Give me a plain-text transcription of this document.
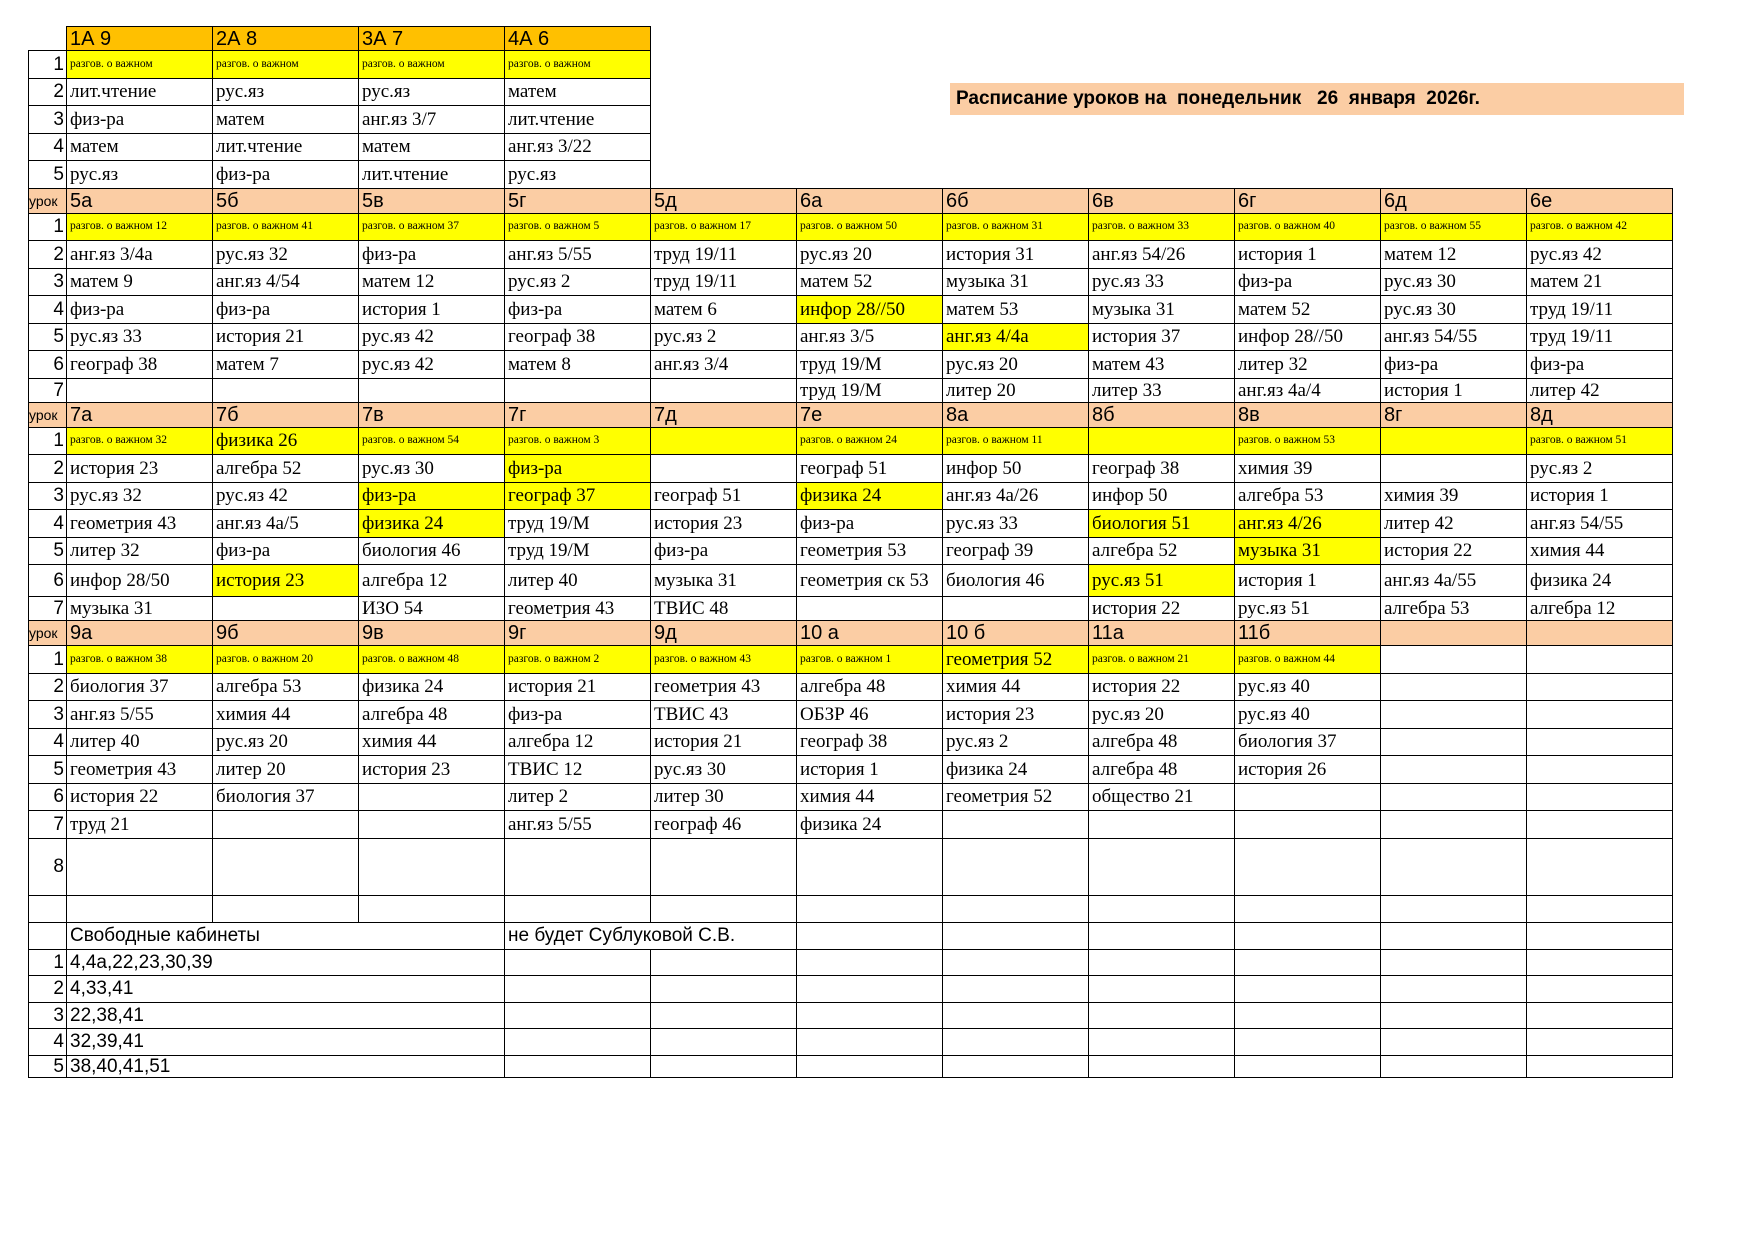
Расписание уроков на  понедельник   26  января  2026г.
	1А 9	2А 8	3А 7	4А 6							
1	разгов. о важном	разгов. о важном	разгов. о важном	разгов. о важном							
2	лит.чтение	рус.яз	рус.яз	матем							
3	физ-ра	матем	анг.яз 3/7	лит.чтение							
4	матем	лит.чтение	матем	анг.яз 3/22							
5	рус.яз	физ-ра	лит.чтение	рус.яз							
урок	5а	5б	5в	5г	5д	6а	6б	6в	6г	6д	6е
1	разгов. о важном 12	разгов. о важном 41	разгов. о важном 37	разгов. о важном 5	разгов. о важном 17	разгов. о важном 50	разгов. о важном 31	разгов. о важном 33	разгов. о важном 40	разгов. о важном 55	разгов. о важном 42
2	анг.яз 3/4а	рус.яз 32	физ-ра	анг.яз 5/55	труд 19/11	рус.яз 20	история 31	анг.яз 54/26	история 1	матем 12	рус.яз 42
3	матем 9	анг.яз 4/54	матем 12	рус.яз 2	труд 19/11	матем 52	музыка 31	рус.яз 33	физ-ра	рус.яз 30	матем 21
4	физ-ра	физ-ра	история 1	физ-ра	матем 6	инфор 28//50	матем 53	музыка 31	матем 52	рус.яз 30	труд 19/11
5	рус.яз 33	история 21	рус.яз 42	географ 38	рус.яз 2	анг.яз 3/5	анг.яз 4/4а	история 37	инфор 28//50	анг.яз 54/55	труд 19/11
6	географ 38	матем 7	рус.яз 42	матем 8	анг.яз 3/4	труд 19/М	рус.яз 20	матем 43	литер 32	физ-ра	физ-ра
7						труд 19/М	литер 20	литер 33	анг.яз 4а/4	история 1	литер 42
урок	7а	7б	7в	7г	7д	7е	8а	8б	8в	8г	8д
1	разгов. о важном 32	физика 26	разгов. о важном 54	разгов. о важном 3		разгов. о важном 24	разгов. о важном 11		разгов. о важном 53		разгов. о важном 51
2	история 23	алгебра 52	рус.яз 30	физ-ра		географ 51	инфор 50	географ 38	химия 39		рус.яз 2
3	рус.яз 32	рус.яз 42	физ-ра	географ 37	географ 51	физика 24	анг.яз 4а/26	инфор 50	алгебра 53	химия 39	история 1
4	геометрия 43	анг.яз 4а/5	физика 24	труд 19/М	история 23	физ-ра	рус.яз 33	биология 51	анг.яз 4/26	литер 42	анг.яз 54/55
5	литер 32	физ-ра	биология 46	труд 19/М	физ-ра	геометрия 53	географ 39	алгебра 52	музыка 31	история 22	химия 44
6	инфор 28/50	история 23	алгебра 12	литер 40	музыка 31	геометрия ск 53	биология 46	рус.яз 51	история 1	анг.яз 4а/55	физика 24
7	музыка 31		ИЗО 54	геометрия 43	ТВИС 48			история 22	рус.яз 51	алгебра 53	алгебра 12
урок	9а	9б	9в	9г	9д	10 а	10 б	11а	11б		
1	разгов. о важном 38	разгов. о важном 20	разгов. о важном 48	разгов. о важном 2	разгов. о важном 43	разгов. о важном 1	геометрия 52	разгов. о важном 21	разгов. о важном 44		
2	биология 37	алгебра 53	физика 24	история 21	геометрия 43	алгебра 48	химия 44	история 22	рус.яз 40		
3	анг.яз 5/55	химия 44	алгебра 48	физ-ра	ТВИС 43	ОБЗР 46	история 23	рус.яз 20	рус.яз 40		
4	литер 40	рус.яз 20	химия 44	алгебра 12	история 21	географ 38	рус.яз 2	алгебра 48	биология 37		
5	геометрия 43	литер 20	история 23	ТВИС 12	рус.яз 30	история 1	физика 24	алгебра 48	история 26		
6	история 22	биология 37		литер 2	литер 30	химия 44	геометрия 52	общество 21			
7	труд 21			анг.яз 5/55	географ 46	физика 24					
8											

	Свободные кабинеты			не будет Сублуковой С.В.							
1	4,4а,22,23,30,39										
2	4,33,41										
3	22,38,41										
4	32,39,41										
5	38,40,41,51										
